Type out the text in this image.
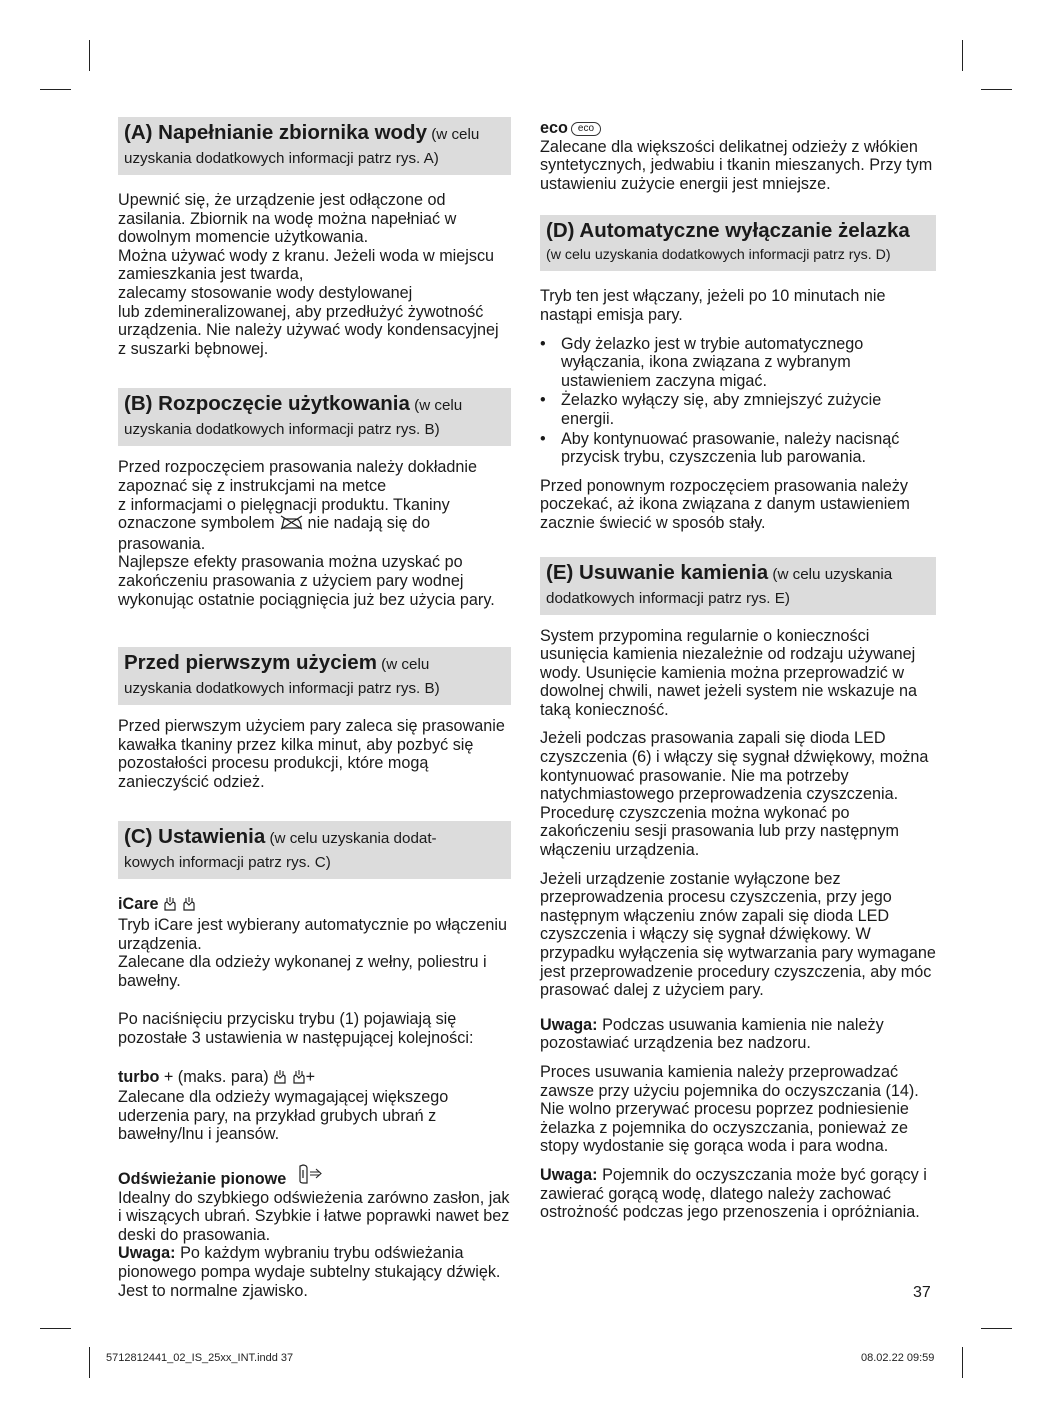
(A) Napełnianie zbiornika wody (w celu
uzyskania dodatkowych informacji patrz rys. A)

Upewnić się, że urządzenie jest odłączone od zasilania. Zbiornik na wodę można napełniać w dowolnym momencie użytkowania.
Można używać wody z kranu. Jeżeli woda w miejscu zamieszkania jest twarda,
zalecamy stosowanie wody destylowanej
lub zdemineralizowanej, aby przedłużyć żywotność urządzenia. Nie należy używać wody kondensacyjnej z suszarki bębnowej.

(B) Rozpoczęcie użytkowania (w celu
uzyskania dodatkowych informacji patrz rys. B)

Przed rozpoczęciem prasowania należy dokładnie zapoznać się z instrukcjami na metce
z informacjami o pielęgnacji produktu. Tkaniny oznaczone symbolem  nie nadają się do prasowania.
Najlepsze efekty prasowania można uzyskać po zakończeniu prasowania z użyciem pary wodnej wykonując ostatnie pociągnięcia już bez użycia pary.

Przed pierwszym użyciem (w celu
uzyskania dodatkowych informacji patrz rys. B)

Przed pierwszym użyciem pary zaleca się prasowanie kawałka tkaniny przez kilka minut, aby pozbyć się pozostałości procesu produkcji, które mogą zanieczyścić odzież.

(C) Ustawienia (w celu uzyskania dodat-
kowych informacji patrz rys. C)

iCare
Tryb iCare jest wybierany automatycznie po włączeniu urządzenia.
Zalecane dla odzieży wykonanej z wełny, poliestru i bawełny.

Po naciśnięciu przycisku trybu (1) pojawiają się pozostałe 3 ustawienia w następującej kolejności:

turbo + (maks. para) +
Zalecane dla odzieży wymagającej większego uderzenia pary, na przykład grubych ubrań z bawełny/lnu i jeansów.

Odświeżanie pionowe
Idealny do szybkiego odświeżenia zarówno zasłon, jak i wiszących ubrań. Szybkie i łatwe poprawki nawet bez deski do prasowania.
Uwaga: Po każdym wybraniu trybu odświeżania pionowego pompa wydaje subtelny stukający dźwięk. Jest to normalne zjawisko.

eco eco
Zalecane dla większości delikatnej odzieży z włókien syntetycznych, jedwabiu i tkanin mieszanych. Przy tym ustawieniu zużycie energii jest mniejsze.

(D) Automatyczne wyłączanie żelazka
(w celu uzyskania dodatkowych informacji patrz rys. D)

Tryb ten jest włączany, jeżeli po 10 minutach nie nastąpi emisja pary.

• Gdy żelazko jest w trybie automatycznego wyłączania, ikona związana z wybranym ustawieniem zaczyna migać.
• Żelazko wyłączy się, aby zmniejszyć zużycie energii.
• Aby kontynuować prasowanie, należy nacisnąć przycisk trybu, czyszczenia lub parowania.

Przed ponownym rozpoczęciem prasowania należy poczekać, aż ikona związana z danym ustawieniem zacznie świecić w sposób stały.

(E) Usuwanie kamienia (w celu uzyskania
dodatkowych informacji patrz rys. E)

System przypomina regularnie o konieczności usunięcia kamienia niezależnie od rodzaju używanej wody. Usunięcie kamienia można przeprowadzić w dowolnej chwili, nawet jeżeli system nie wskazuje na taką konieczność.

Jeżeli podczas prasowania zapali się dioda LED czyszczenia (6) i włączy się sygnał dźwiękowy, można kontynuować prasowanie. Nie ma potrzeby natychmiastowego przeprowadzenia czyszczenia. Procedurę czyszczenia można wykonać po zakończeniu sesji prasowania lub przy następnym włączeniu urządzenia.

Jeżeli urządzenie zostanie wyłączone bez przeprowadzenia procesu czyszczenia, przy jego następnym włączeniu znów zapali się dioda LED czyszczenia i włączy się sygnał dźwiękowy. W przypadku wyłączenia się wytwarzania pary wymagane jest przeprowadzenie procedury czyszczenia, aby móc prasować dalej z użyciem pary.

Uwaga: Podczas usuwania kamienia nie należy pozostawiać urządzenia bez nadzoru.

Proces usuwania kamienia należy przeprowadzać zawsze przy użyciu pojemnika do oczyszczania (14). Nie wolno przerywać procesu poprzez podniesienie żelazka z pojemnika do oczyszczania, ponieważ ze stopy wydostanie się gorąca woda i para wodna.

Uwaga: Pojemnik do oczyszczania może być gorący i zawierać gorącą wodę, dlatego należy zachować ostrożność podczas jego przenoszenia i opróżniania.

37
5712812441_02_IS_25xx_INT.indd 37	08.02.22 09:59
